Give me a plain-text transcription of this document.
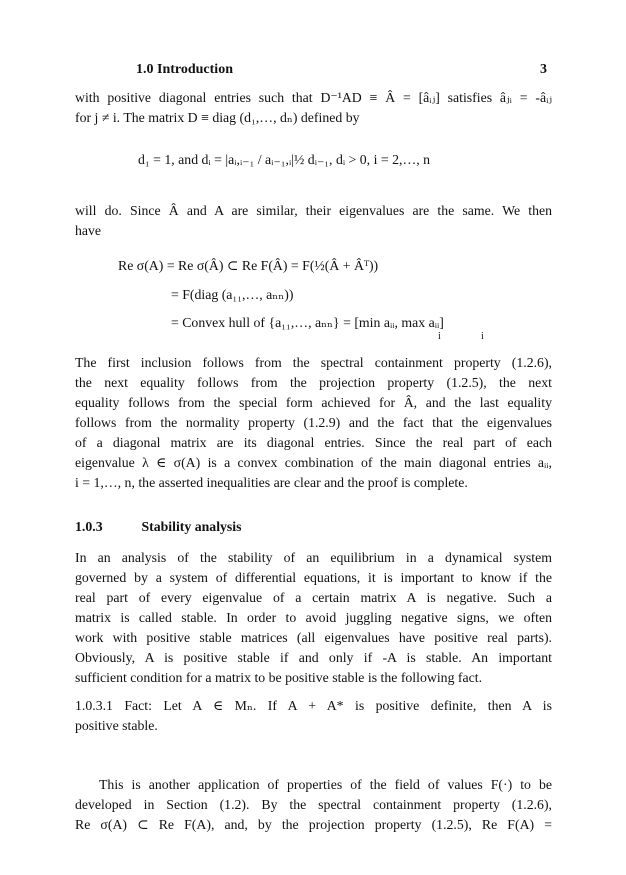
1.0 Introduction	3
with positive diagonal entries such that D⁻¹AD ≡ Â = [âᵢⱼ] satisfies âⱼᵢ = -âᵢⱼ
for j ≠ i. The matrix D ≡ diag (d₁,…, dₙ) defined by
d₁ = 1, and dᵢ = |aᵢ,ᵢ₋₁ / aᵢ₋₁,ᵢ|½ dᵢ₋₁, dᵢ > 0, i = 2,…, n
will do. Since Â and A are similar, their eigenvalues are the same. We then
have
Re σ(A) = Re σ(Â) ⊂ Re F(Â) = F(½(Â + Âᵀ))
= F(diag (a₁₁,…, aₙₙ))
= Convex hull of {a₁₁,…, aₙₙ} = [min aᵢᵢ, max aᵢᵢ]
i	i
The first inclusion follows from the spectral containment property (1.2.6),
the next equality follows from the projection property (1.2.5), the next
equality follows from the special form achieved for Â, and the last equality
follows from the normality property (1.2.9) and the fact that the eigenvalues
of a diagonal matrix are its diagonal entries. Since the real part of each
eigenvalue λ ∈ σ(A) is a convex combination of the main diagonal entries aᵢᵢ,
i = 1,…, n, the asserted inequalities are clear and the proof is complete.
1.0.3	Stability analysis
In an analysis of the stability of an equilibrium in a dynamical system
governed by a system of differential equations, it is important to know if the
real part of every eigenvalue of a certain matrix A is negative. Such a
matrix is called stable. In order to avoid juggling negative signs, we often
work with positive stable matrices (all eigenvalues have positive real parts).
Obviously, A is positive stable if and only if -A is stable. An important
sufficient condition for a matrix to be positive stable is the following fact.
1.0.3.1 Fact: Let A ∈ Mₙ. If A + A* is positive definite, then A is
positive stable.
This is another application of properties of the field of values F(·) to be
developed in Section (1.2). By the spectral containment property (1.2.6),
Re σ(A) ⊂ Re F(A), and, by the projection property (1.2.5), Re F(A) =
